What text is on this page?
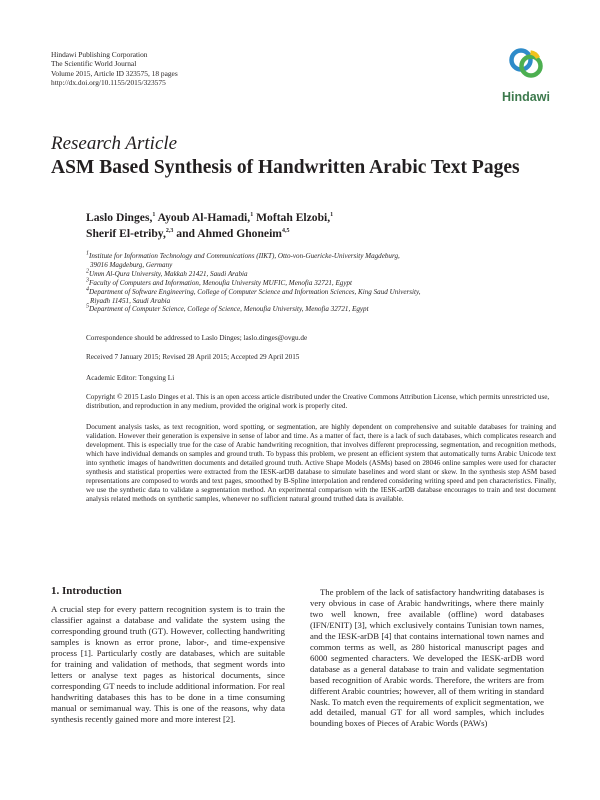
Hindawi Publishing Corporation
The Scientific World Journal
Volume 2015, Article ID 323575, 18 pages
http://dx.doi.org/10.1155/2015/323575
Hindawi
Research Article
ASM Based Synthesis of Handwritten Arabic Text Pages
Laslo Dinges,$^1$ Ayoub Al-Hamadi,$^1$ Moftah Elzobi,$^1$
Sherif El-etriby,$^{2,3}$ and Ahmed Ghoneim$^{4,5}$
$^1$Institute for Information Technology and Communications (IIKT), Otto-von-Guericke-University Magdeburg,
39016 Magdeburg, Germany
$^2$Umm Al-Qura University, Makkah 21421, Saudi Arabia
$^3$Faculty of Computers and Information, Menoufia University MUFIC, Menofia 32721, Egypt
$^4$Department of Software Engineering, College of Computer Science and Information Sciences, King Saud University,
Riyadh 11451, Saudi Arabia
$^5$Department of Computer Science, College of Science, Menoufia University, Menofia 32721, Egypt
Correspondence should be addressed to Laslo Dinges; laslo.dinges@ovgu.de
Received 7 January 2015; Revised 28 April 2015; Accepted 29 April 2015
Academic Editor: Tongxing Li
Copyright © 2015 Laslo Dinges et al. This is an open access article distributed under the Creative Commons Attribution License, which permits unrestricted use, distribution, and reproduction in any medium, provided the original work is properly cited.
Document analysis tasks, as text recognition, word spotting, or segmentation, are highly dependent on comprehensive and suitable databases for training and validation. However their generation is expensive in sense of labor and time. As a matter of fact, there is a lack of such databases, which complicates research and development. This is especially true for the case of Arabic handwriting recognition, that involves different preprocessing, segmentation, and recognition methods, which have individual demands on samples and ground truth. To bypass this problem, we present an efficient system that automatically turns Arabic Unicode text into synthetic images of handwritten documents and detailed ground truth. Active Shape Models (ASMs) based on 28046 online samples were used for character synthesis and statistical properties were extracted from the IESK-arDB database to simulate baselines and word slant or skew. In the synthesis step ASM based representations are composed to words and text pages, smoothed by B-Spline interpolation and rendered considering writing speed and pen characteristics. Finally, we use the synthetic data to validate a segmentation method. An experimental comparison with the IESK-arDB database encourages to train and test document analysis related methods on synthetic samples, whenever no sufficient natural ground truthed data is available.
1. Introduction

A crucial step for every pattern recognition system is to train the classifier against a database and validate the system using the corresponding ground truth (GT). However, collecting handwriting samples is known as error prone, labor-, and time-expensive process [1]. Particularly costly are databases, which are suitable for training and validation of methods, that segment words into letters or analyse text pages as historical documents, since corresponding GT needs to include additional information. For real handwriting databases this has to be done in a time consuming manual or semimanual way. This is one of the reasons, why data synthesis recently gained more and more interest [2].

The problem of the lack of satisfactory handwriting databases is very obvious in case of Arabic handwritings, where there mainly two well known, free available (offline) word databases (IFN/ENIT) [3], which exclusively contains Tunisian town names, and the IESK-arDB [4] that contains international town names and common terms as well, as 280 historical manuscript pages and 6000 segmented characters. We developed the IESK-arDB word database as a general database to train and validate segmentation based recognition of Arabic words. Therefore, the writers are from different Arabic countries; however, all of them writing in standard Nask. To match even the requirements of explicit segmentation, we add detailed, manual GT for all word samples, which includes bounding boxes of Pieces of Arabic Words (PAWs)
